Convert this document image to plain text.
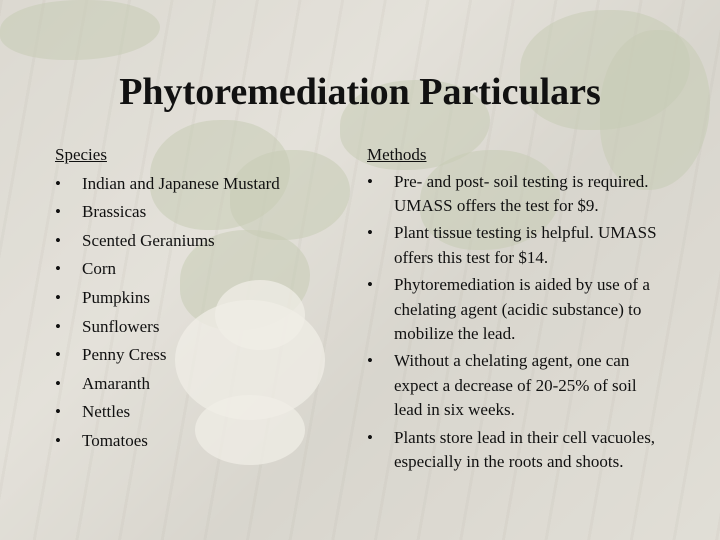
Phytoremediation Particulars
Species
•	Indian and Japanese Mustard
•	Brassicas
•	Scented Geraniums
•	Corn
•	Pumpkins
•	Sunflowers
•	Penny Cress
•	Amaranth
•	Nettles
•	Tomatoes
Methods
•	Pre- and post- soil testing is required. UMASS offers the test for $9.
•	Plant tissue testing is helpful. UMASS offers this test for $14.
•	Phytoremediation is aided by use of a chelating agent (acidic substance) to mobilize the lead.
•	Without a chelating agent, one can expect a decrease of 20-25% of soil lead in six weeks.
•	Plants store lead in their cell vacuoles, especially in the roots and shoots.
